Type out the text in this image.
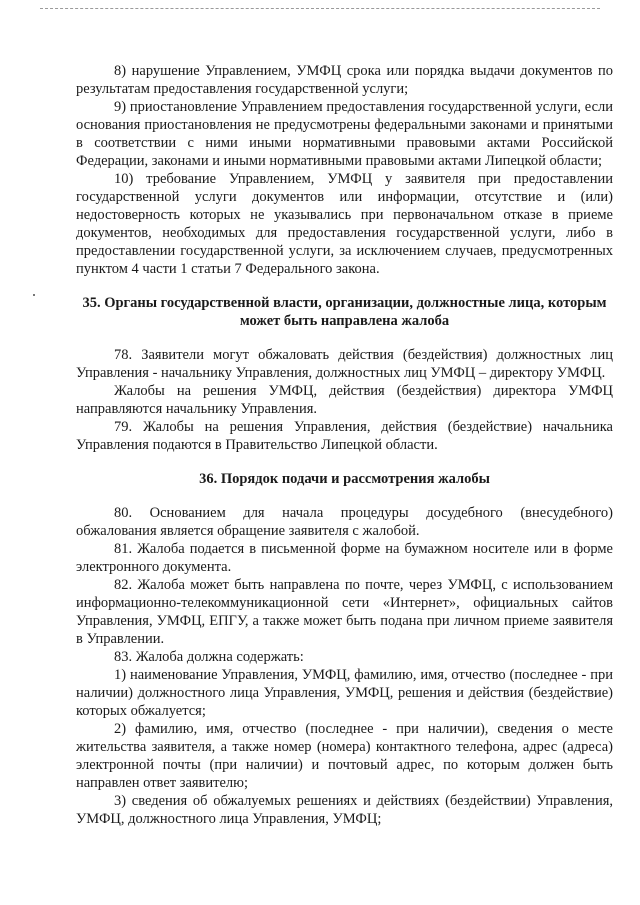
8) нарушение Управлением, УМФЦ срока или порядка выдачи документов по результатам предоставления государственной услуги;

9) приостановление Управлением предоставления государственной услуги, если основания приостановления не предусмотрены федеральными законами и принятыми в соответствии с ними иными нормативными правовыми актами Российской Федерации, законами и иными нормативными правовыми актами Липецкой области;

10) требование Управлением, УМФЦ у заявителя при предоставлении государственной услуги документов или информации, отсутствие и (или) недостоверность которых не указывались при первоначальном отказе в приеме документов, необходимых для предоставления государственной услуги, либо в предоставлении государственной услуги, за исключением случаев, предусмотренных пунктом 4 части 1 статьи 7 Федерального закона.

35. Органы государственной власти, организации, должностные лица, которым может быть направлена жалоба

78. Заявители могут обжаловать действия (бездействия) должностных лиц Управления - начальнику Управления, должностных лиц УМФЦ – директору УМФЦ.

Жалобы на решения УМФЦ, действия (бездействия) директора УМФЦ направляются начальнику Управления.

79. Жалобы на решения Управления, действия (бездействие) начальника Управления подаются в Правительство Липецкой области.

36. Порядок подачи и рассмотрения жалобы

80. Основанием для начала процедуры досудебного (внесудебного) обжалования является обращение заявителя с жалобой.

81. Жалоба подается в письменной форме на бумажном носителе или в форме электронного документа.

82. Жалоба может быть направлена по почте, через УМФЦ, с использованием информационно-телекоммуникационной сети «Интернет», официальных сайтов Управления, УМФЦ, ЕПГУ, а также может быть подана при личном приеме заявителя в Управлении.

83. Жалоба должна содержать:

1) наименование Управления, УМФЦ, фамилию, имя, отчество (последнее - при наличии) должностного лица Управления, УМФЦ, решения и действия (бездействие) которых обжалуется;

2) фамилию, имя, отчество (последнее - при наличии), сведения о месте жительства заявителя, а также номер (номера) контактного телефона, адрес (адреса) электронной почты (при наличии) и почтовый адрес, по которым должен быть направлен ответ заявителю;

3) сведения об обжалуемых решениях и действиях (бездействии) Управления, УМФЦ, должностного лица Управления, УМФЦ;
